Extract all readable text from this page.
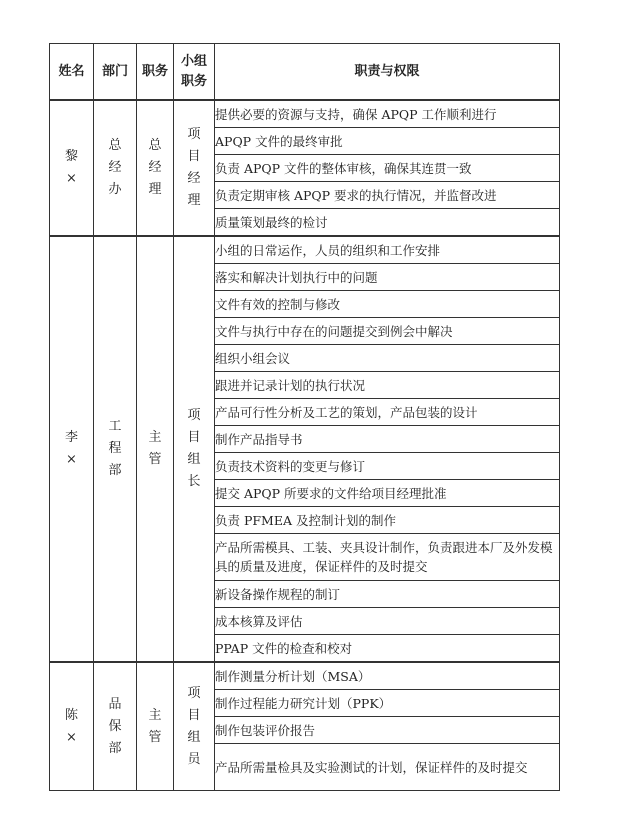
姓名	部门	职务	小组职务	职责与权限
黎×	总经办	总经理	项目经理	提供必要的资源与支持，确保 APQP 工作顺利进行
				APQP 文件的最终审批
				负责 APQP 文件的整体审核，确保其连贯一致
				负责定期审核 APQP 要求的执行情况，并监督改进
				质量策划最终的检讨
李×	工程部	主管	项目组长	小组的日常运作，人员的组织和工作安排
				落实和解决计划执行中的问题
				文件有效的控制与修改
				文件与执行中存在的问题提交到例会中解决
				组织小组会议
				跟进并记录计划的执行状况
				产品可行性分析及工艺的策划，产品包装的设计
				制作产品指导书
				负责技术资料的变更与修订
				提交 APQP 所要求的文件给项目经理批准
				负责 PFMEA 及控制计划的制作
				产品所需模具、工装、夹具设计制作，负责跟进本厂及外发模具的质量及进度，保证样件的及时提交
				新设备操作规程的制订
				成本核算及评估
				PPAP 文件的检查和校对
陈×	品保部	主管	项目组员	制作测量分析计划（MSA）
				制作过程能力研究计划（PPK）
				制作包装评价报告
				产品所需量检具及实验测试的计划，保证样件的及时提交
